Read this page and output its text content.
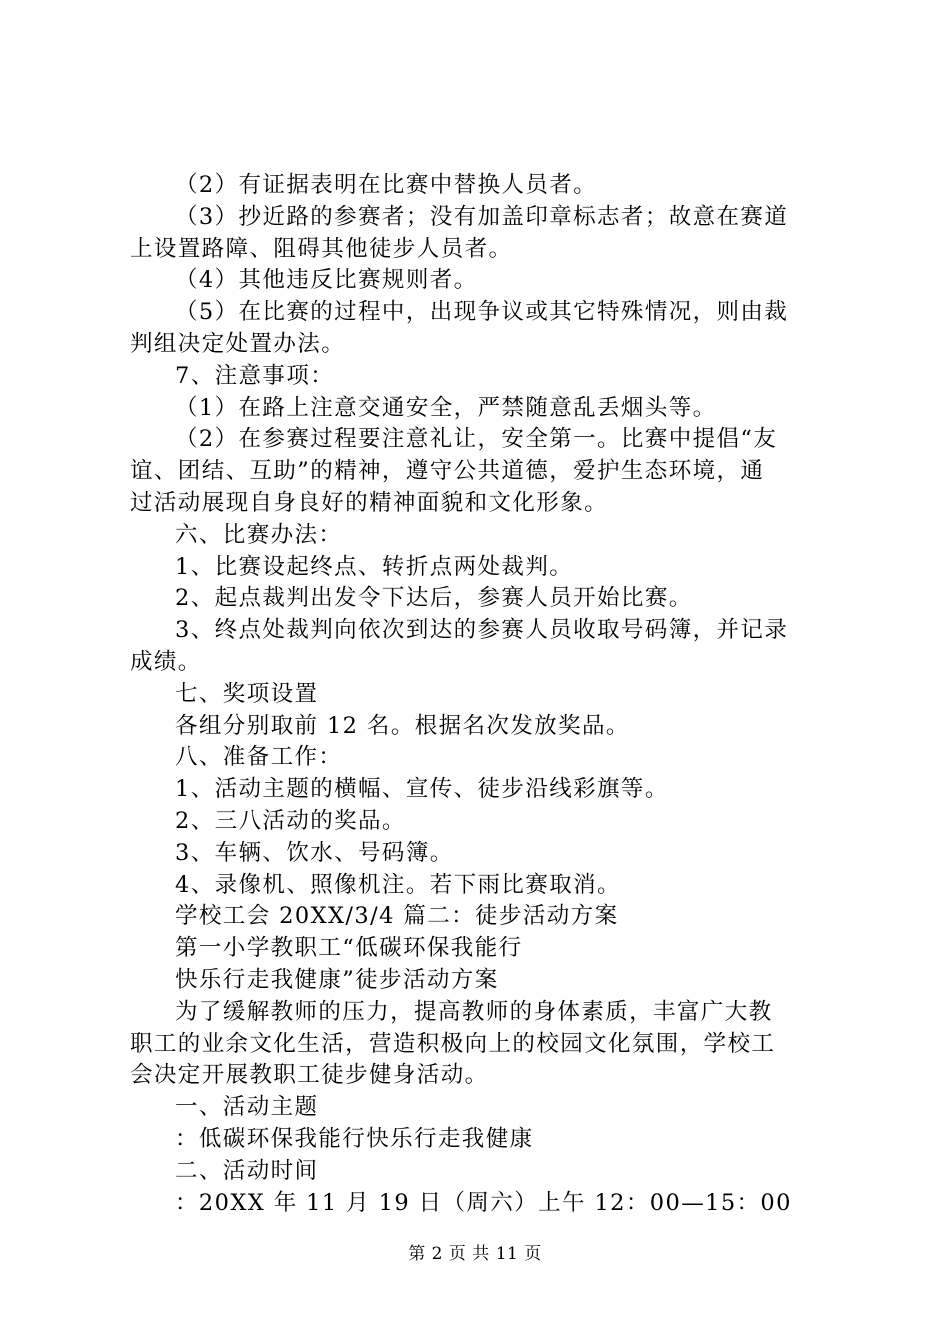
（2）有证据表明在比赛中替换人员者。
（3）抄近路的参赛者；没有加盖印章标志者；故意在赛道
上设置路障、阻碍其他徒步人员者。
（4）其他违反比赛规则者。
（5）在比赛的过程中，出现争议或其它特殊情况，则由裁
判组决定处置办法。
7、注意事项：
（1）在路上注意交通安全，严禁随意乱丢烟头等。
（2）在参赛过程要注意礼让，安全第一。比赛中提倡“友
谊、团结、互助”的精神，遵守公共道德，爱护生态环境，通
过活动展现自身良好的精神面貌和文化形象。
六、比赛办法：
1、比赛设起终点、转折点两处裁判。
2、起点裁判出发令下达后，参赛人员开始比赛。
3、终点处裁判向依次到达的参赛人员收取号码簿，并记录
成绩。
七、奖项设置
各组分别取前 12 名。根据名次发放奖品。
八、准备工作：
1、活动主题的横幅、宣传、徒步沿线彩旗等。
2、三八活动的奖品。
3、车辆、饮水、号码簿。
4、录像机、照像机注。若下雨比赛取消。
学校工会 20XX/3/4 篇二：徒步活动方案
第一小学教职工“低碳环保我能行
快乐行走我健康”徒步活动方案
为了缓解教师的压力，提高教师的身体素质，丰富广大教
职工的业余文化生活，营造积极向上的校园文化氛围，学校工
会决定开展教职工徒步健身活动。
一、活动主题
：低碳环保我能行快乐行走我健康
二、活动时间
：20XX 年 11 月 19 日（周六）上午 12：00—15：00
第 2 页 共 11 页
